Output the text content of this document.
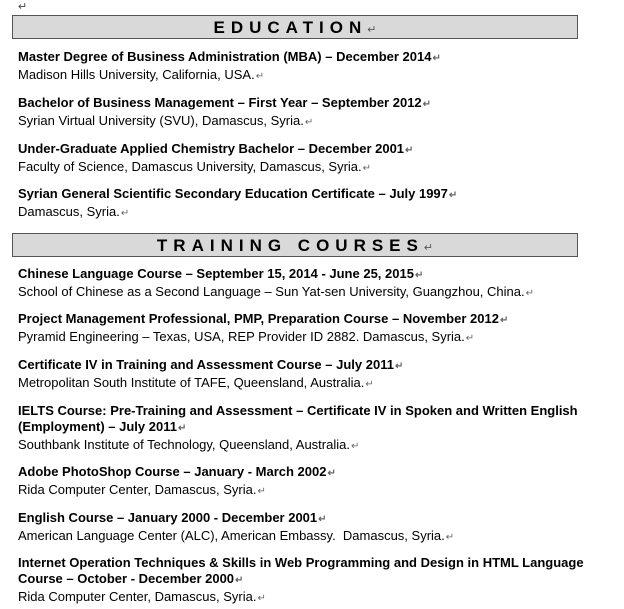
↵
EDUCATION↵
Master Degree of Business Administration (MBA) – December 2014↵
Madison Hills University, California, USA.↵
Bachelor of Business Management – First Year – September 2012↵
Syrian Virtual University (SVU), Damascus, Syria.↵
Under-Graduate Applied Chemistry Bachelor – December 2001↵
Faculty of Science, Damascus University, Damascus, Syria.↵
Syrian General Scientific Secondary Education Certificate – July 1997↵
Damascus, Syria.↵
TRAINING COURSES↵
Chinese Language Course – September 15, 2014 - June 25, 2015↵
School of Chinese as a Second Language – Sun Yat-sen University, Guangzhou, China.↵
Project Management Professional, PMP, Preparation Course – November 2012↵
Pyramid Engineering – Texas, USA, REP Provider ID 2882. Damascus, Syria.↵
Certificate IV in Training and Assessment Course – July 2011↵
Metropolitan South Institute of TAFE, Queensland, Australia.↵
IELTS Course: Pre-Training and Assessment – Certificate IV in Spoken and Written English (Employment) – July 2011↵
Southbank Institute of Technology, Queensland, Australia.↵
Adobe PhotoShop Course – January - March 2002↵
Rida Computer Center, Damascus, Syria.↵
English Course – January 2000 - December 2001↵
American Language Center (ALC), American Embassy.  Damascus, Syria.↵
Internet Operation Techniques & Skills in Web Programming and Design in HTML Language Course – October - December 2000↵
Rida Computer Center, Damascus, Syria.↵
